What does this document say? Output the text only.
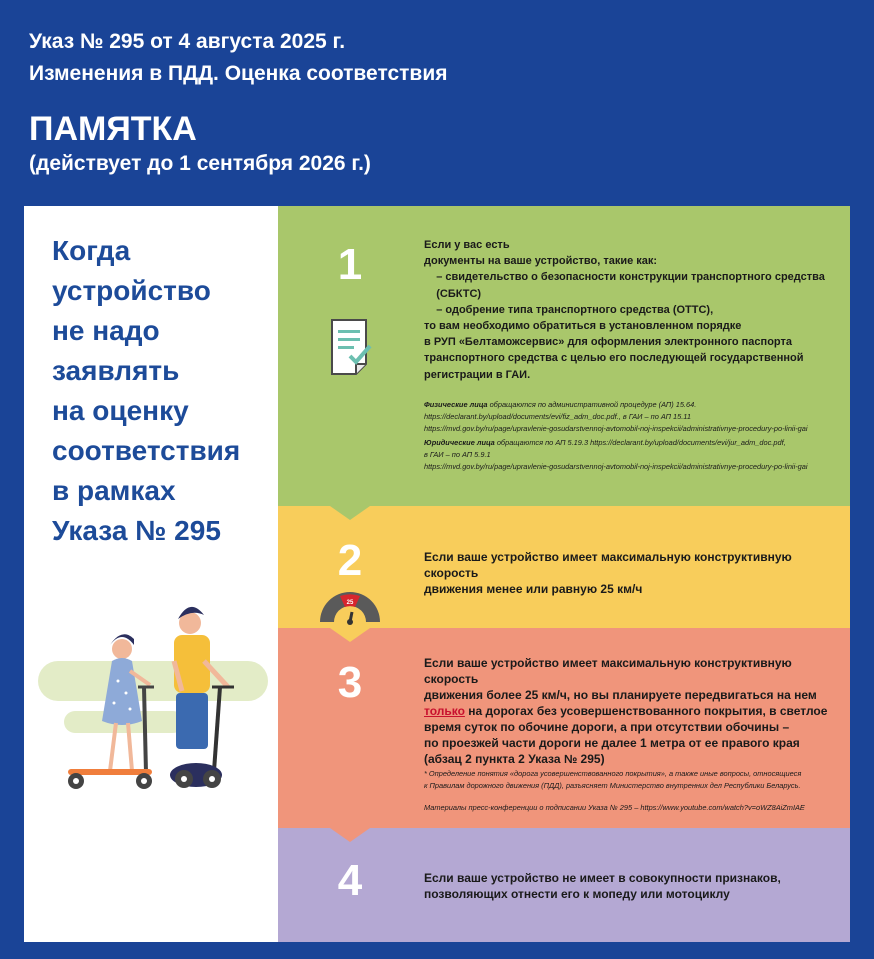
Указ № 295 от 4 августа 2025 г.
Изменения в ПДД. Оценка соответствия
ПАМЯТКА
(действует до 1 сентября 2026 г.)
Когда
устройство
не надо
заявлять
на оценку
соответствия
в рамках
Указа № 295
1	Если у вас есть
документы на ваше устройство, такие как:
– свидетельство о безопасности конструкции транспортного средства
(СБКТС)
– одобрение типа транспортного средства (ОТТС),
то вам необходимо обратиться в установленном порядке
в РУП «Белтаможсервис» для оформления электронного паспорта
транспортного средства с целью его последующей государственной
регистрации в ГАИ.
Физические лица обращаются по административной процедуре (АП) 15.64.
https://declarant.by/upload/documents/evi/fiz_adm_doc.pdf., в ГАИ – по АП 15.11
https://mvd.gov.by/ru/page/upravlenie-gosudarstvennoj-avtomobil-noj-inspekcii/administrativnye-procedury-po-linii-gai
Юридические лица обращаются по АП 5.19.3 https://declarant.by/upload/documents/evi/jur_adm_doc.pdf,
в ГАИ – по АП 5.9.1
https://mvd.gov.by/ru/page/upravlenie-gosudarstvennoj-avtomobil-noj-inspekcii/administrativnye-procedury-po-linii-gai
2
25
Если ваше устройство имеет максимальную конструктивную скорость
движения менее или равную 25 км/ч
3	Если ваше устройство имеет максимальную конструктивную скорость
движения более 25 км/ч, но вы планируете передвигаться на нем
только на дорогах без усовершенствованного покрытия, в светлое
время суток по обочине дороги, а при отсутствии обочины –
по проезжей части дороги не далее 1 метра от ее правого края
(абзац 2 пункта 2 Указа № 295)
* Определение понятия «дорога усовершенствованного покрытия», а также иные вопросы, относящиеся
к Правилам дорожного движения (ПДД), разъясняет Министерство внутренних дел Республики Беларусь.
Материалы пресс-конференции о подписании Указа № 295 – https://www.youtube.com/watch?v=oWZ8AiZmIAE
4	Если ваше устройство не имеет в совокупности признаков,
позволяющих отнести его к мопеду или мотоциклу
